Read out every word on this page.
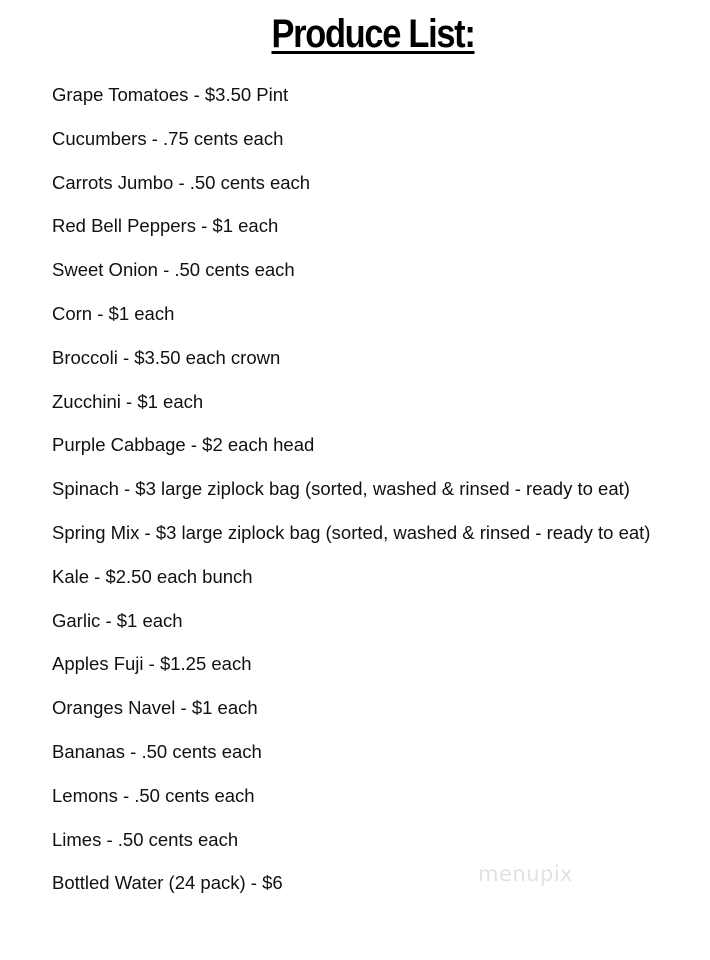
Produce List:
Grape Tomatoes - $3.50 Pint
Cucumbers - .75 cents each
Carrots Jumbo - .50 cents each
Red Bell Peppers - $1 each
Sweet Onion - .50 cents each
Corn - $1 each
Broccoli - $3.50 each crown
Zucchini - $1 each
Purple Cabbage - $2 each head
Spinach - $3 large ziplock bag (sorted, washed & rinsed - ready to eat)
Spring Mix - $3 large ziplock bag (sorted, washed & rinsed - ready to eat)
Kale - $2.50 each bunch
Garlic - $1 each
Apples Fuji - $1.25 each
Oranges Navel - $1 each
Bananas - .50 cents each
Lemons - .50 cents each
Limes - .50 cents each
Bottled Water (24 pack) - $6	menupix
